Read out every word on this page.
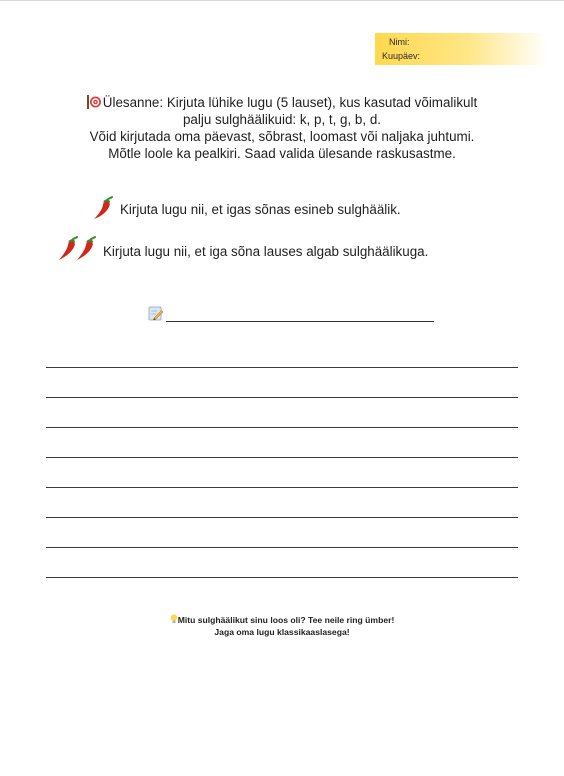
Nimi:
Kuupäev:
Ülesanne: Kirjuta lühike lugu (5 lauset), kus kasutad võimalikult
palju sulghäälikuid: k, p, t, g, b, d.
Võid kirjutada oma päevast, sõbrast, loomast või naljaka juhtumi.
Mõtle loole ka pealkiri. Saad valida ülesande raskusastme.
Kirjuta lugu nii, et igas sõnas esineb sulghäälik.
Kirjuta lugu nii, et iga sõna lauses algab sulghäälikuga.
Mitu sulghäälikut sinu loos oli? Tee neile ring ümber!
Jaga oma lugu klassikaaslasega!
